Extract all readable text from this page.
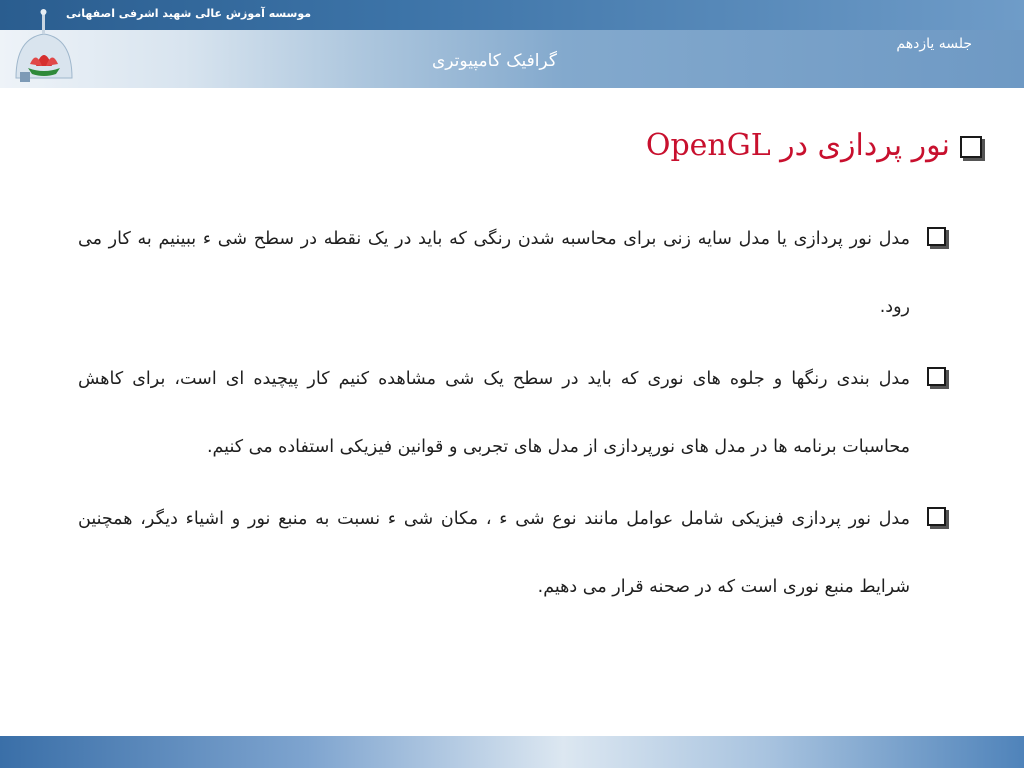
موسسه آموزش عالی شهید اشرفی اصفهانی
جلسه یازدهم
گرافیک کامپیوتری
نور پردازی در OpenGL
مدل نور پردازی یا مدل سایه زنی برای محاسبه شدن رنگی که باید در یک نقطه در سطح شی ء ببینیم به کار می رود.
مدل بندی رنگها و جلوه های نوری که باید در سطح یک شی مشاهده کنیم کار پیچیده ای است، برای کاهش محاسبات برنامه ها در مدل های نورپردازی از مدل های تجربی و قوانین فیزیکی استفاده می کنیم.
مدل نور پردازی فیزیکی شامل عوامل مانند نوع شی ء ، مکان شی ء نسبت به منبع نور و اشیاء دیگر، همچنین شرایط منبع نوری است که در صحنه قرار می دهیم.
